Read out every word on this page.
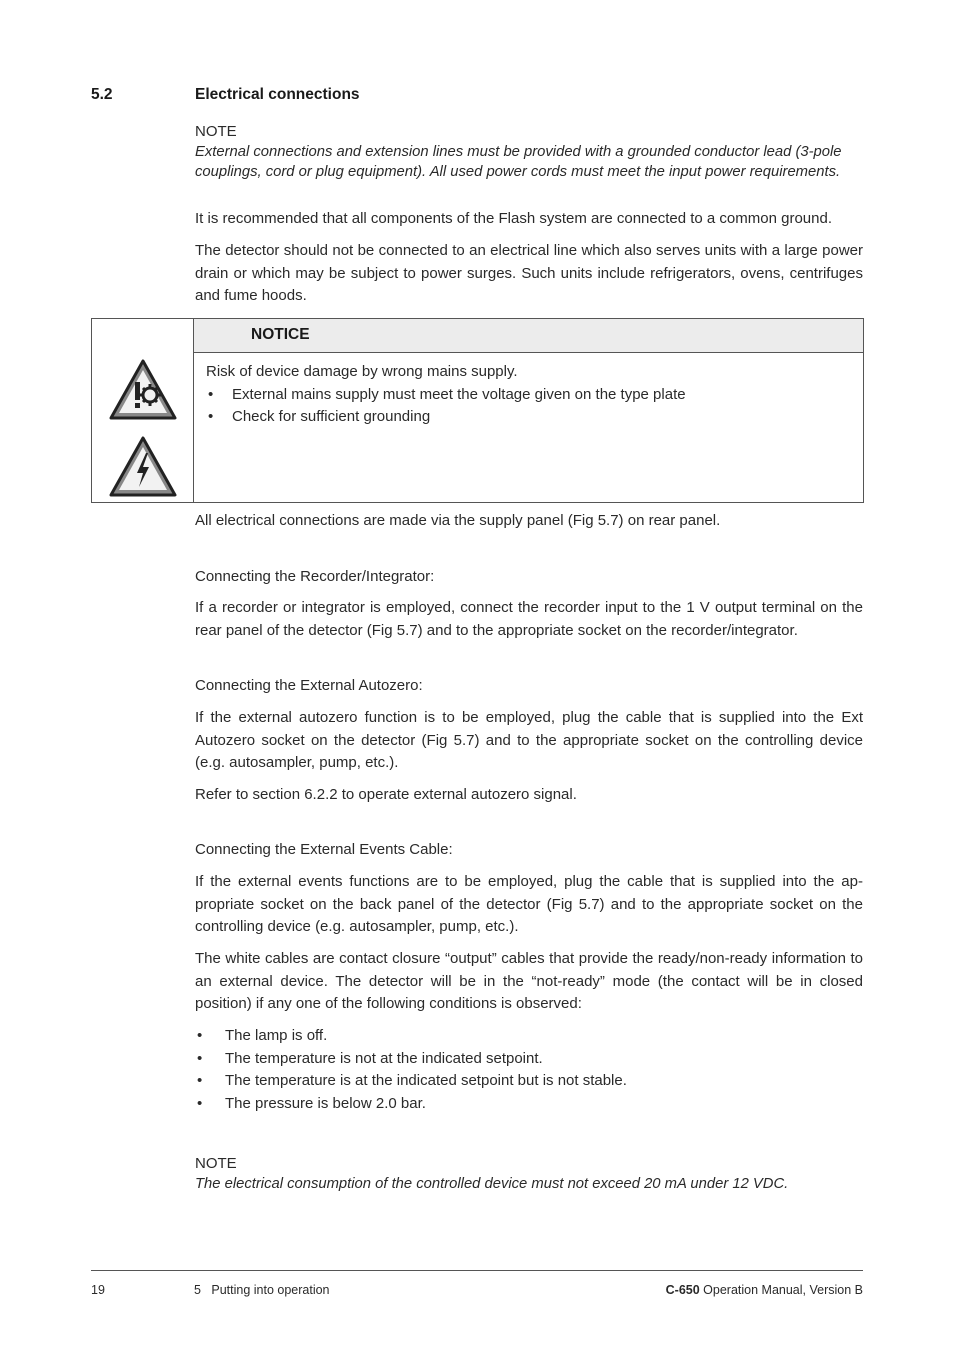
5.2	Electrical connections

NOTE

External connections and extension lines must be provided with a grounded conductor lead (3-pole couplings, cord or plug equipment). All used power cords must meet the input power requirements.

It is recommended that all components of the Flash system are connected to a common ground.
The detector should not be connected to an electrical line which also serves units with a large power drain or which may be subject to power surges. Such units include refrigerators, ovens, centrifuges and fume hoods.
NOTICE
Risk of device damage by wrong mains supply.
• External mains supply must meet the voltage given on the type plate
• Check for sufficient grounding
All electrical connections are made via the supply panel (Fig 5.7) on rear panel.
Connecting the Recorder/Integrator:
If a recorder or integrator is employed, connect the recorder input to the 1 V output terminal on the rear panel of the detector (Fig 5.7) and to the appropriate socket on the recorder/integrator.
Connecting the External Autozero:
If the external autozero function is to be employed, plug the cable that is supplied into the Ext Autozero socket on the detector (Fig 5.7) and to the appropriate socket on the controlling device (e.g. autosampler, pump, etc.).
Refer to section 6.2.2 to operate external autozero signal.
Connecting the External Events Cable:
If the external events functions are to be employed, plug the cable that is supplied into the appropriate socket on the back panel of the detector (Fig 5.7) and to the appropriate socket on the controlling device (e.g. autosampler, pump, etc.).
The white cables are contact closure “output” cables that provide the ready/non-ready information to an external device. The detector will be in the “not-ready” mode (the contact will be in closed position) if any one of the following conditions is observed:
• The lamp is off.
• The temperature is not at the indicated setpoint.
• The temperature is at the indicated setpoint but is not stable.
• The pressure is below 2.0 bar.

NOTE

The electrical consumption of the controlled device must not exceed 20 mA under 12 VDC.

19	5   Putting into operation	C-650 Operation Manual, Version B
